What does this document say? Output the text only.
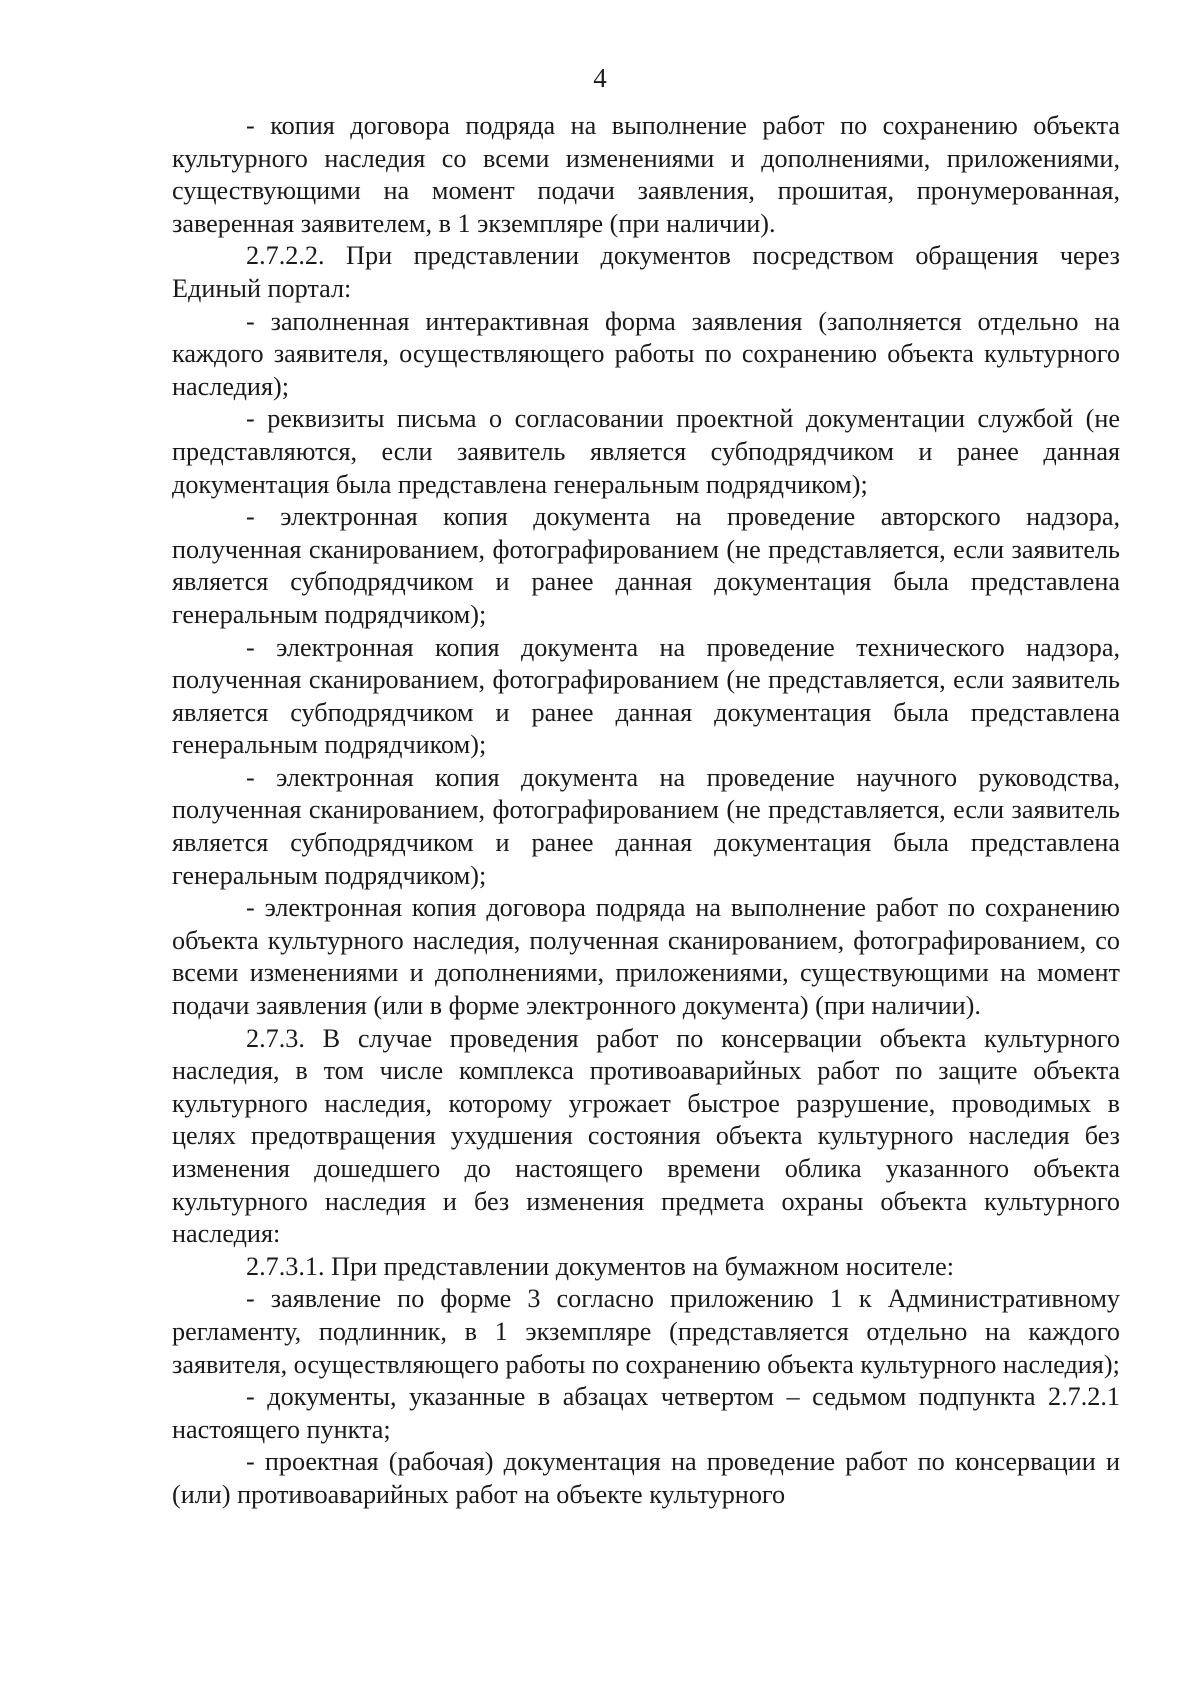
4

- копия договора подряда на выполнение работ по сохранению объекта культурного наследия со всеми изменениями и дополнениями, приложениями, существующими на момент подачи заявления, прошитая, пронумерованная, заверенная заявителем, в 1 экземпляре (при наличии).

2.7.2.2. При представлении документов посредством обращения через Единый портал:

- заполненная интерактивная форма заявления (заполняется отдельно на каждого заявителя, осуществляющего работы по сохранению объекта культурного наследия);

- реквизиты письма о согласовании проектной документации службой (не представляются, если заявитель является субподрядчиком и ранее данная документация была представлена генеральным подрядчиком);

- электронная копия документа на проведение авторского надзора, полученная сканированием, фотографированием (не представляется, если заявитель является субподрядчиком и ранее данная документация была представлена генеральным подрядчиком);

- электронная копия документа на проведение технического надзора, полученная сканированием, фотографированием (не представляется, если заявитель является субподрядчиком и ранее данная документация была представлена генеральным подрядчиком);

- электронная копия документа на проведение научного руководства, полученная сканированием, фотографированием (не представляется, если заявитель является субподрядчиком и ранее данная документация была представлена генеральным подрядчиком);

- электронная копия договора подряда на выполнение работ по сохранению объекта культурного наследия, полученная сканированием, фотографированием, со всеми изменениями и дополнениями, приложениями, существующими на момент подачи заявления (или в форме электронного документа) (при наличии).

2.7.3. В случае проведения работ по консервации объекта культурного наследия, в том числе комплекса противоаварийных работ по защите объекта культурного наследия, которому угрожает быстрое разрушение, проводимых в целях предотвращения ухудшения состояния объекта культурного наследия без изменения дошедшего до настоящего времени облика указанного объекта культурного наследия и без изменения предмета охраны объекта культурного наследия:

2.7.3.1. При представлении документов на бумажном носителе:

- заявление по форме 3 согласно приложению 1 к Административному регламенту, подлинник, в 1 экземпляре (представляется отдельно на каждого заявителя, осуществляющего работы по сохранению объекта культурного наследия);

- документы, указанные в абзацах четвертом – седьмом подпункта 2.7.2.1 настоящего пункта;

- проектная (рабочая) документация на проведение работ по консервации и (или) противоаварийных работ на объекте культурного
